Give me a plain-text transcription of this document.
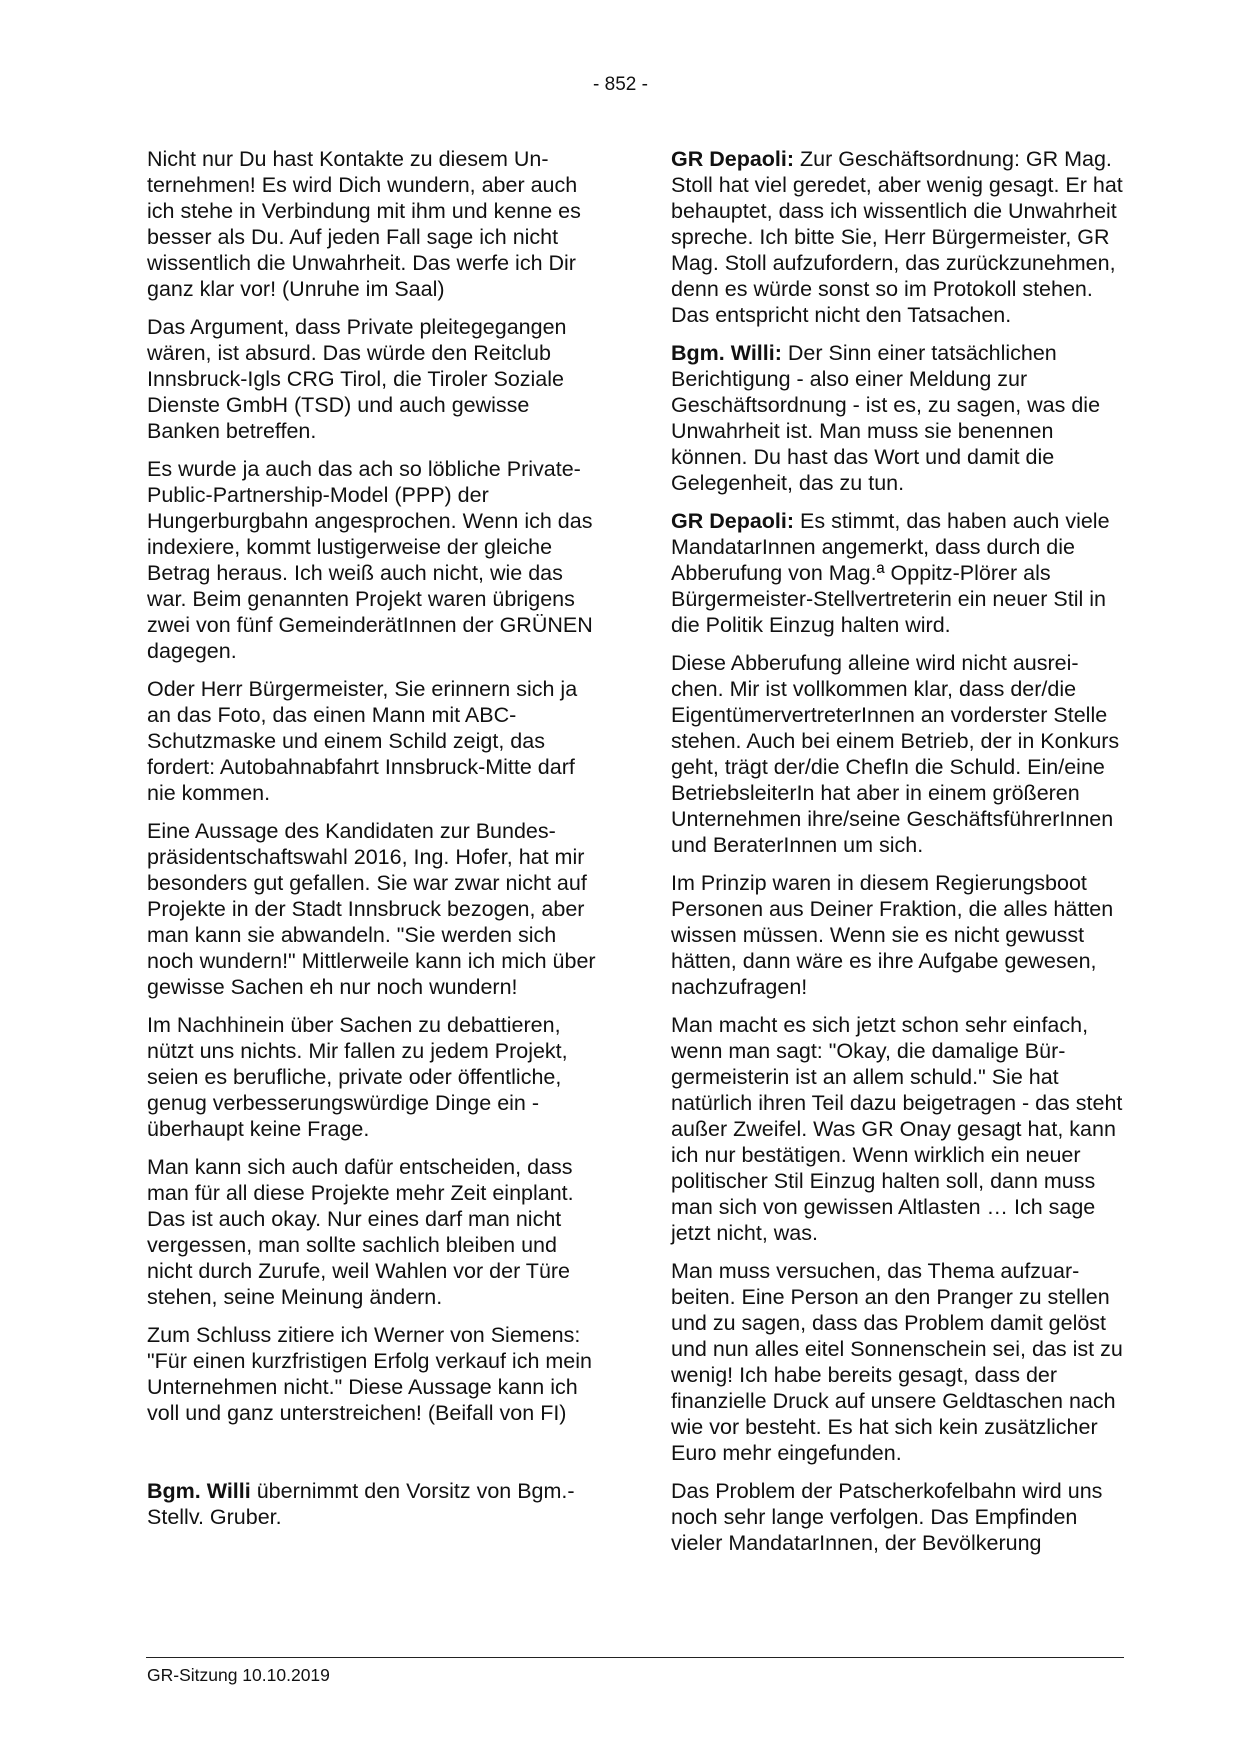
- 852 -

Nicht nur Du hast Kontakte zu diesem Unternehmen! Es wird Dich wundern, aber auch ich stehe in Verbindung mit ihm und kenne es besser als Du. Auf jeden Fall sage ich nicht wissentlich die Unwahrheit. Das werfe ich Dir ganz klar vor! (Unruhe im Saal)

Das Argument, dass Private pleitegegangen wären, ist absurd. Das würde den Reitclub Innsbruck-Igls CRG Tirol, die Tiroler Soziale Dienste GmbH (TSD) und auch gewisse Banken betreffen.

Es wurde ja auch das ach so löbliche Private-Public-Partnership-Model (PPP) der Hungerburgbahn angesprochen. Wenn ich das indexiere, kommt lustigerweise der gleiche Betrag heraus. Ich weiß auch nicht, wie das war. Beim genannten Projekt waren übrigens zwei von fünf GemeinderätInnen der GRÜNEN dagegen.

Oder Herr Bürgermeister, Sie erinnern sich ja an das Foto, das einen Mann mit ABC-Schutzmaske und einem Schild zeigt, das fordert: Autobahnabfahrt Innsbruck-Mitte darf nie kommen.

Eine Aussage des Kandidaten zur Bundespräsidentschaftswahl 2016, Ing. Hofer, hat mir besonders gut gefallen. Sie war zwar nicht auf Projekte in der Stadt Innsbruck bezogen, aber man kann sie abwandeln. "Sie werden sich noch wundern!" Mittlerweile kann ich mich über gewisse Sachen eh nur noch wundern!

Im Nachhinein über Sachen zu debattieren, nützt uns nichts. Mir fallen zu jedem Projekt, seien es berufliche, private oder öffentliche, genug verbesserungswürdige Dinge ein - überhaupt keine Frage.

Man kann sich auch dafür entscheiden, dass man für all diese Projekte mehr Zeit einplant. Das ist auch okay. Nur eines darf man nicht vergessen, man sollte sachlich bleiben und nicht durch Zurufe, weil Wahlen vor der Türe stehen, seine Meinung ändern.

Zum Schluss zitiere ich Werner von Siemens: "Für einen kurzfristigen Erfolg verkauf ich mein Unternehmen nicht." Diese Aussage kann ich voll und ganz unterstreichen! (Beifall von FI)

Bgm. Willi übernimmt den Vorsitz von Bgm.-Stellv. Gruber.

GR Depaoli: Zur Geschäftsordnung: GR Mag. Stoll hat viel geredet, aber wenig gesagt. Er hat behauptet, dass ich wissentlich die Unwahrheit spreche. Ich bitte Sie, Herr Bürgermeister, GR Mag. Stoll aufzufordern, das zurückzunehmen, denn es würde sonst so im Protokoll stehen. Das entspricht nicht den Tatsachen.

Bgm. Willi: Der Sinn einer tatsächlichen Berichtigung - also einer Meldung zur Geschäftsordnung - ist es, zu sagen, was die Unwahrheit ist. Man muss sie benennen können. Du hast das Wort und damit die Gelegenheit, das zu tun.

GR Depaoli: Es stimmt, das haben auch viele MandatarInnen angemerkt, dass durch die Abberufung von Mag.ª Oppitz-Plörer als Bürgermeister-Stellvertreterin ein neuer Stil in die Politik Einzug halten wird.

Diese Abberufung alleine wird nicht ausreichen. Mir ist vollkommen klar, dass der/die EigentümervertreterInnen an vorderster Stelle stehen. Auch bei einem Betrieb, der in Konkurs geht, trägt der/die ChefIn die Schuld. Ein/eine BetriebsleiterIn hat aber in einem größeren Unternehmen ihre/seine GeschäftsführerInnen und BeraterInnen um sich.

Im Prinzip waren in diesem Regierungsboot Personen aus Deiner Fraktion, die alles hätten wissen müssen. Wenn sie es nicht gewusst hätten, dann wäre es ihre Aufgabe gewesen, nachzufragen!

Man macht es sich jetzt schon sehr einfach, wenn man sagt: "Okay, die damalige Bürgermeisterin ist an allem schuld." Sie hat natürlich ihren Teil dazu beigetragen - das steht außer Zweifel. Was GR Onay gesagt hat, kann ich nur bestätigen. Wenn wirklich ein neuer politischer Stil Einzug halten soll, dann muss man sich von gewissen Altlasten … Ich sage jetzt nicht, was.

Man muss versuchen, das Thema aufzuarbeiten. Eine Person an den Pranger zu stellen und zu sagen, dass das Problem damit gelöst und nun alles eitel Sonnenschein sei, das ist zu wenig! Ich habe bereits gesagt, dass der finanzielle Druck auf unsere Geldtaschen nach wie vor besteht. Es hat sich kein zusätzlicher Euro mehr eingefunden.

Das Problem der Patscherkofelbahn wird uns noch sehr lange verfolgen. Das Empfinden vieler MandatarInnen, der Bevölkerung

GR-Sitzung 10.10.2019
